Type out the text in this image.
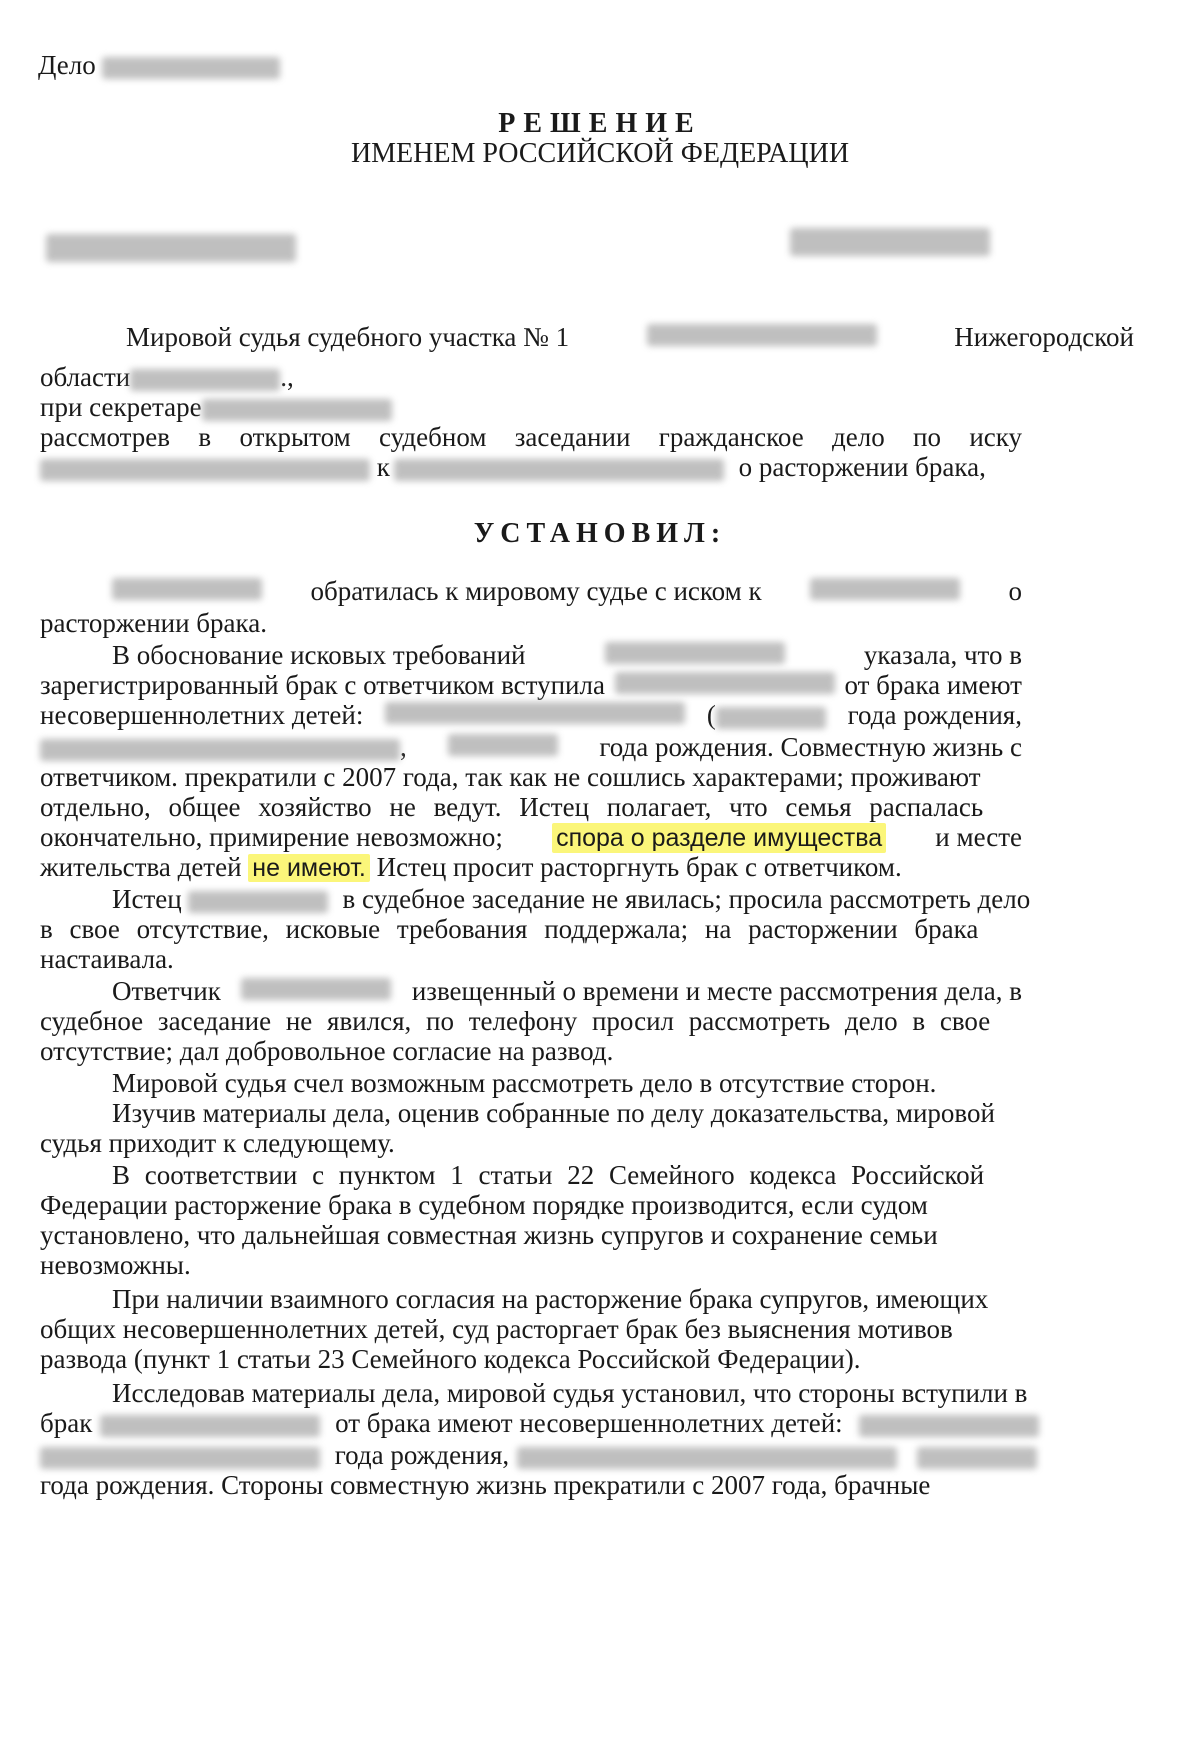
Дело
РЕШЕНИЕ
ИМЕНЕМ РОССИЙСКОЙ ФЕДЕРАЦИИ
Мировой судья судебного участка № 1	Нижегородской
области	.,
при секретаре
рассмотрев в открытом судебном заседании гражданское дело по иску
к	о расторжении брака,
УСТАНОВИЛ:
обратилась к мировому судье с иском к	о
расторжении брака.
В обоснование исковых требований	указала, что в
зарегистрированный брак с ответчиком вступила	от брака имеют
несовершеннолетних детей:	(	года рождения,
,	года рождения. Совместную жизнь с
ответчиком. прекратили с 2007 года, так как не сошлись характерами; проживают
отдельно, общее хозяйство не ведут. Истец полагает, что семья распалась
окончательно, примирение невозможно; спора о разделе имущества и месте
жительства детей не имеют. Истец просит расторгнуть брак с ответчиком.
Истец	в судебное заседание не явилась; просила рассмотреть дело
в свое отсутствие, исковые требования поддержала; на расторжении брака
настаивала.
Ответчик	извещенный о времени и месте рассмотрения дела, в
судебное заседание не явился, по телефону просил рассмотреть дело в свое
отсутствие; дал добровольное согласие на развод.
Мировой судья счел возможным рассмотреть дело в отсутствие сторон.
Изучив материалы дела, оценив собранные по делу доказательства, мировой
судья приходит к следующему.
В соответствии с пунктом 1 статьи 22 Семейного кодекса Российской
Федерации расторжение брака в судебном порядке производится, если судом
установлено, что дальнейшая совместная жизнь супругов и сохранение семьи
невозможны.
При наличии взаимного согласия на расторжение брака супругов, имеющих
общих несовершеннолетних детей, суд расторгает брак без выяснения мотивов
развода (пункт 1 статьи 23 Семейного кодекса Российской Федерации).
Исследовав материалы дела, мировой судья установил, что стороны вступили в
брак	от брака имеют несовершеннолетних детей:
года рождения,
года рождения. Стороны совместную жизнь прекратили с 2007 года, брачные
